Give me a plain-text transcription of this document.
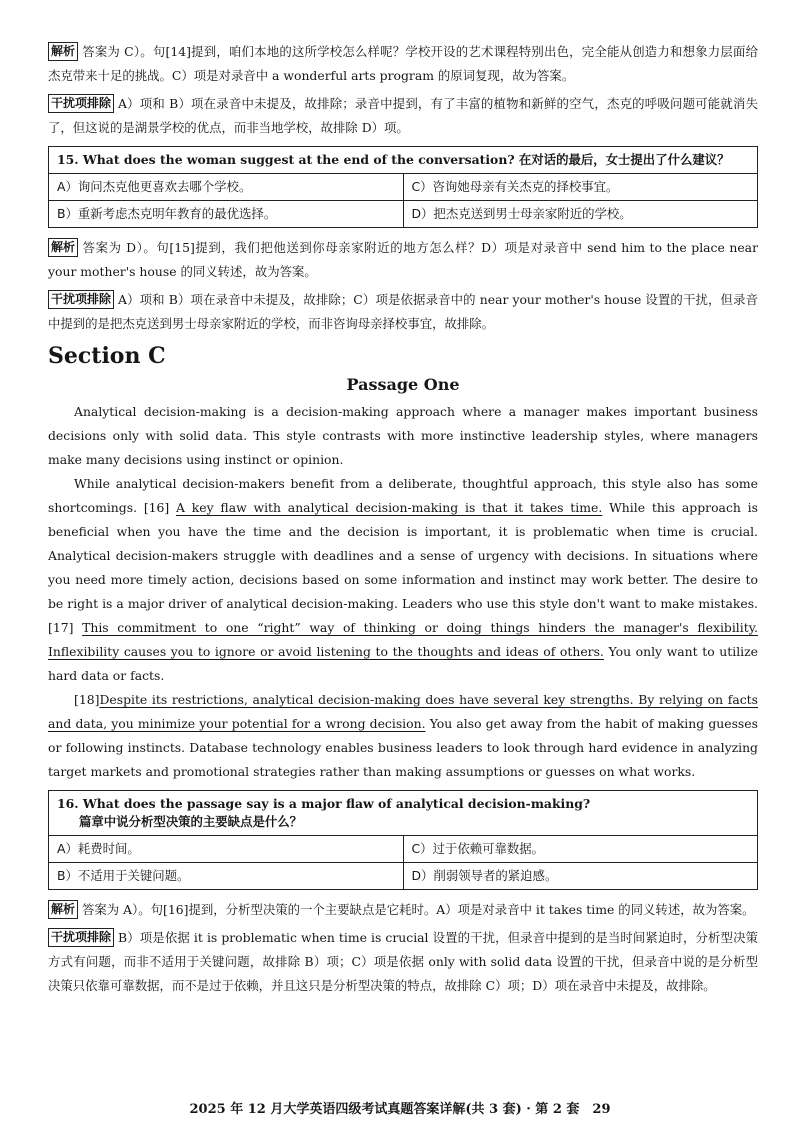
解析 答案为 C）。句[14]提到，咱们本地的这所学校怎么样呢？学校开设的艺术课程特别出色，完全能从创造力和想象力层面给杰克带来十足的挑战。C）项是对录音中 a wonderful arts program 的原词复现，故为答案。

干扰项排除 A）项和 B）项在录音中未提及，故排除；录音中提到，有了丰富的植物和新鲜的空气，杰克的呼吸问题可能就消失了，但这说的是湖景学校的优点，而非当地学校，故排除 D）项。

15. What does the woman suggest at the end of the conversation? 在对话的最后，女士提出了什么建议？	
A）询问杰克他更喜欢去哪个学校。	C）咨询她母亲有关杰克的择校事宜。
B）重新考虑杰克明年教育的最优选择。	D）把杰克送到男士母亲家附近的学校。

解析 答案为 D）。句[15]提到，我们把他送到你母亲家附近的地方怎么样？D）项是对录音中 send him to the place near your mother's house 的同义转述，故为答案。

干扰项排除 A）项和 B）项在录音中未提及，故排除；C）项是依据录音中的 near your mother's house 设置的干扰，但录音中提到的是把杰克送到男士母亲家附近的学校，而非咨询母亲择校事宜，故排除。

Section C
Passage One

Analytical decision-making is a decision-making approach where a manager makes important business decisions only with solid data. This style contrasts with more instinctive leadership styles, where managers make many decisions using instinct or opinion.

While analytical decision-makers benefit from a deliberate, thoughtful approach, this style also has some shortcomings. [16] A key flaw with analytical decision-making is that it takes time. While this approach is beneficial when you have the time and the decision is important, it is problematic when time is crucial. Analytical decision-makers struggle with deadlines and a sense of urgency with decisions. In situations where you need more timely action, decisions based on some information and instinct may work better. The desire to be right is a major driver of analytical decision-making. Leaders who use this style don't want to make mistakes. [17] This commitment to one “right” way of thinking or doing things hinders the manager's flexibility. Inflexibility causes you to ignore or avoid listening to the thoughts and ideas of others. You only want to utilize hard data or facts.

[18]Despite its restrictions, analytical decision-making does have several key strengths. By relying on facts and data, you minimize your potential for a wrong decision. You also get away from the habit of making guesses or following instincts. Database technology enables business leaders to look through hard evidence in analyzing target markets and promotional strategies rather than making assumptions or guesses on what works.

16. What does the passage say is a major flaw of analytical decision-making?
篇章中说分析型决策的主要缺点是什么？	

A）耗费时间。	C）过于依赖可靠数据。
B）不适用于关键问题。	D）削弱领导者的紧迫感。

解析 答案为 A）。句[16]提到，分析型决策的一个主要缺点是它耗时。A）项是对录音中 it takes time 的同义转述，故为答案。

干扰项排除 B）项是依据 it is problematic when time is crucial 设置的干扰，但录音中提到的是当时间紧迫时，分析型决策方式有问题，而非不适用于关键问题，故排除 B）项；C）项是依据 only with solid data 设置的干扰，但录音中说的是分析型决策只依靠可靠数据，而不是过于依赖，并且这只是分析型决策的特点，故排除 C）项；D）项在录音中未提及，故排除。

2025 年 12 月大学英语四级考试真题答案详解(共 3 套) · 第 2 套　29
